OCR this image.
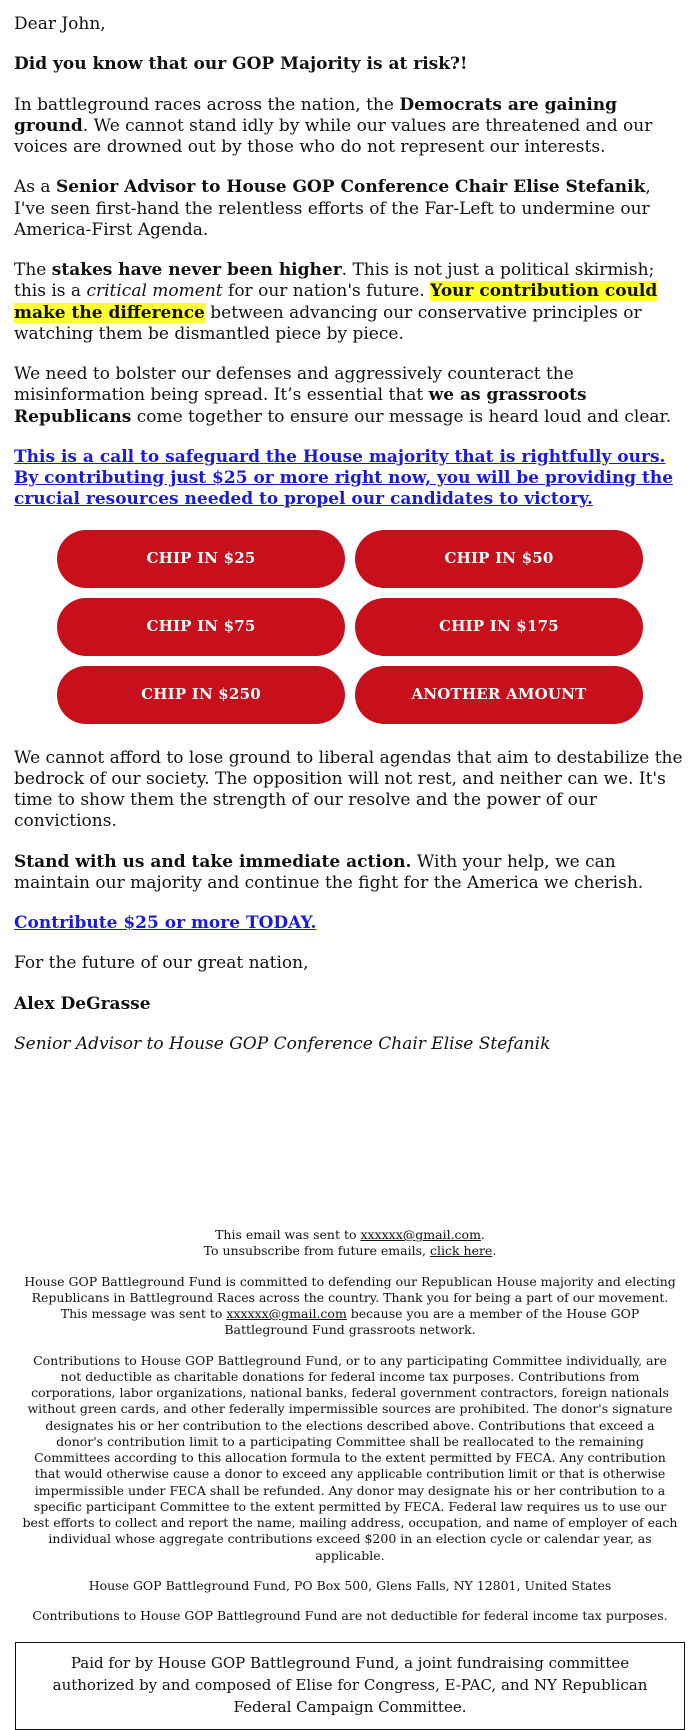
Dear John,

Did you know that our GOP Majority is at risk?!

In battleground races across the nation, the Democrats are gaining ground. We cannot stand idly by while our values are threatened and our voices are drowned out by those who do not represent our interests.

As a Senior Advisor to House GOP Conference Chair Elise Stefanik, I've seen first-hand the relentless efforts of the Far-Left to undermine our America-First Agenda.

The stakes have never been higher. This is not just a political skirmish; this is a critical moment for our nation's future. Your contribution could make the difference between advancing our conservative principles or watching them be dismantled piece by piece.

We need to bolster our defenses and aggressively counteract the misinformation being spread. It’s essential that we as grassroots Republicans come together to ensure our message is heard loud and clear.

This is a call to safeguard the House majority that is rightfully ours. By contributing just $25 or more right now, you will be providing the crucial resources needed to propel our candidates to victory.

CHIP IN $25	CHIP IN $50
CHIP IN $75	CHIP IN $175
CHIP IN $250	ANOTHER AMOUNT

We cannot afford to lose ground to liberal agendas that aim to destabilize the bedrock of our society. The opposition will not rest, and neither can we. It's time to show them the strength of our resolve and the power of our convictions.

Stand with us and take immediate action. With your help, we can maintain our majority and continue the fight for the America we cherish.

Contribute $25 or more TODAY.

For the future of our great nation,

Alex DeGrasse

Senior Advisor to House GOP Conference Chair Elise Stefanik

This email was sent to xxxxxx@gmail.com.
To unsubscribe from future emails, click here.

House GOP Battleground Fund is committed to defending our Republican House majority and electing Republicans in Battleground Races across the country. Thank you for being a part of our movement. This message was sent to xxxxxx@gmail.com because you are a member of the House GOP Battleground Fund grassroots network.

Contributions to House GOP Battleground Fund, or to any participating Committee individually, are not deductible as charitable donations for federal income tax purposes. Contributions from corporations, labor organizations, national banks, federal government contractors, foreign nationals without green cards, and other federally impermissible sources are prohibited. The donor's signature designates his or her contribution to the elections described above. Contributions that exceed a donor's contribution limit to a participating Committee shall be reallocated to the remaining Committees according to this allocation formula to the extent permitted by FECA. Any contribution that would otherwise cause a donor to exceed any applicable contribution limit or that is otherwise impermissible under FECA shall be refunded. Any donor may designate his or her contribution to a specific participant Committee to the extent permitted by FECA. Federal law requires us to use our best efforts to collect and report the name, mailing address, occupation, and name of employer of each individual whose aggregate contributions exceed $200 in an election cycle or calendar year, as applicable.

House GOP Battleground Fund, PO Box 500, Glens Falls, NY 12801, United States

Contributions to House GOP Battleground Fund are not deductible for federal income tax purposes.

Paid for by House GOP Battleground Fund, a joint fundraising committee authorized by and composed of Elise for Congress, E-PAC, and NY Republican Federal Campaign Committee.
